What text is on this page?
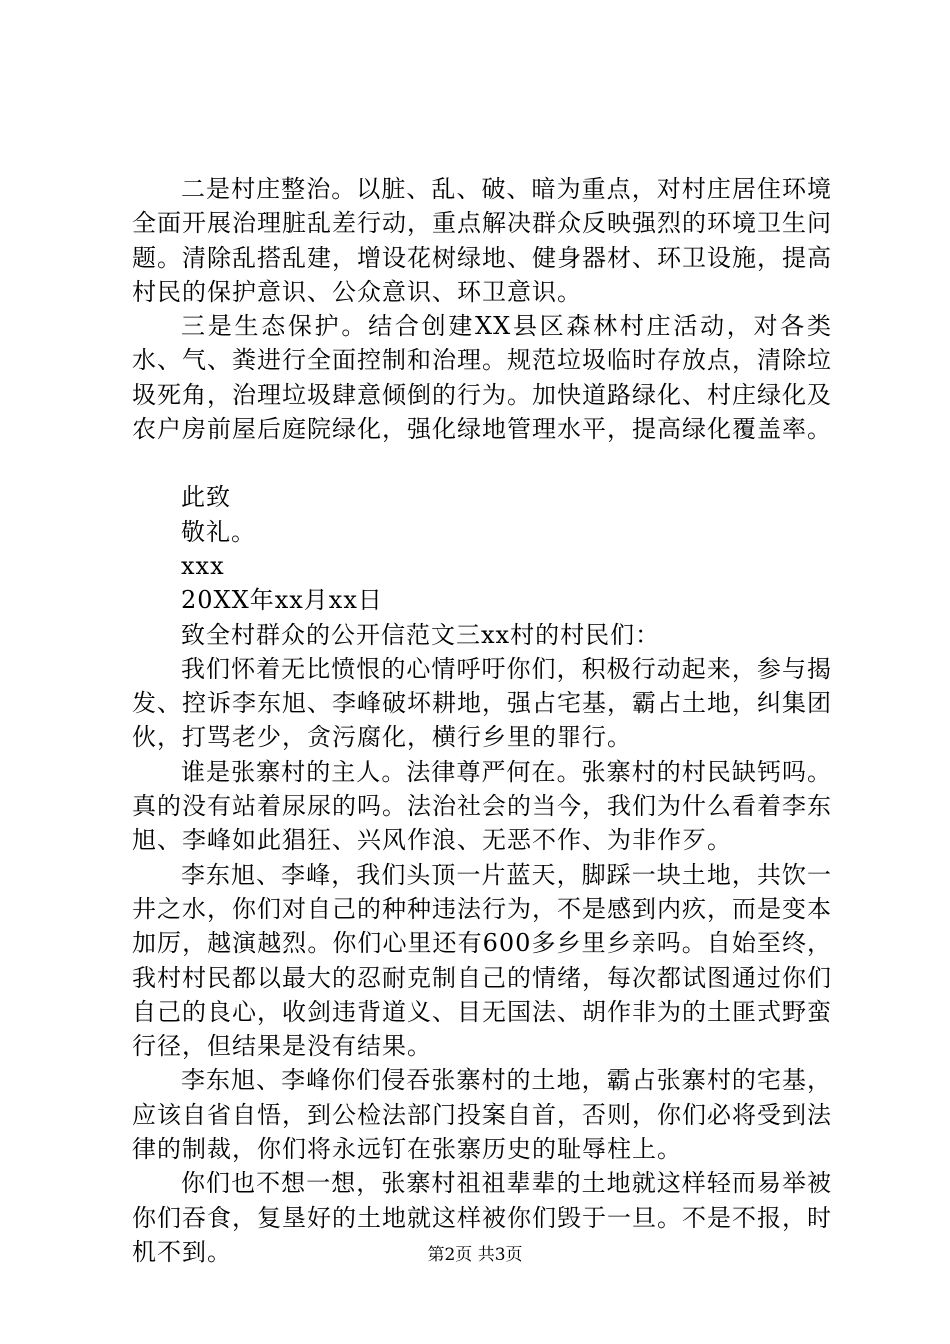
二是村庄整治。以脏、乱、破、暗为重点，对村庄居住环境全面开展治理脏乱差行动，重点解决群众反映强烈的环境卫生问题。清除乱搭乱建，增设花树绿地、健身器材、环卫设施，提高村民的保护意识、公众意识、环卫意识。

三是生态保护。结合创建XX县区森林村庄活动，对各类水、气、粪进行全面控制和治理。规范垃圾临时存放点，清除垃圾死角，治理垃圾肆意倾倒的行为。加快道路绿化、村庄绿化及农户房前屋后庭院绿化，强化绿地管理水平，提高绿化覆盖率。

此致

敬礼。

xxx

20XX年xx月xx日

致全村群众的公开信范文三xx村的村民们：

我们怀着无比愤恨的心情呼吁你们，积极行动起来，参与揭发、控诉李东旭、李峰破坏耕地，强占宅基，霸占土地，纠集团伙，打骂老少，贪污腐化，横行乡里的罪行。

谁是张寨村的主人。法律尊严何在。张寨村的村民缺钙吗。真的没有站着尿尿的吗。法治社会的当今，我们为什么看着李东旭、李峰如此猖狂、兴风作浪、无恶不作、为非作歹。

李东旭、李峰，我们头顶一片蓝天，脚踩一块土地，共饮一井之水，你们对自己的种种违法行为，不是感到内疚，而是变本加厉，越演越烈。你们心里还有600多乡里乡亲吗。自始至终，我村村民都以最大的忍耐克制自己的情绪，每次都试图通过你们自己的良心，收剑违背道义、目无国法、胡作非为的土匪式野蛮行径，但结果是没有结果。

李东旭、李峰你们侵吞张寨村的土地，霸占张寨村的宅基，应该自省自悟，到公检法部门投案自首，否则，你们必将受到法律的制裁，你们将永远钉在张寨历史的耻辱柱上。

你们也不想一想，张寨村祖祖辈辈的土地就这样轻而易举被你们吞食，复垦好的土地就这样被你们毁于一旦。不是不报，时机不到。	第2页 共3页
